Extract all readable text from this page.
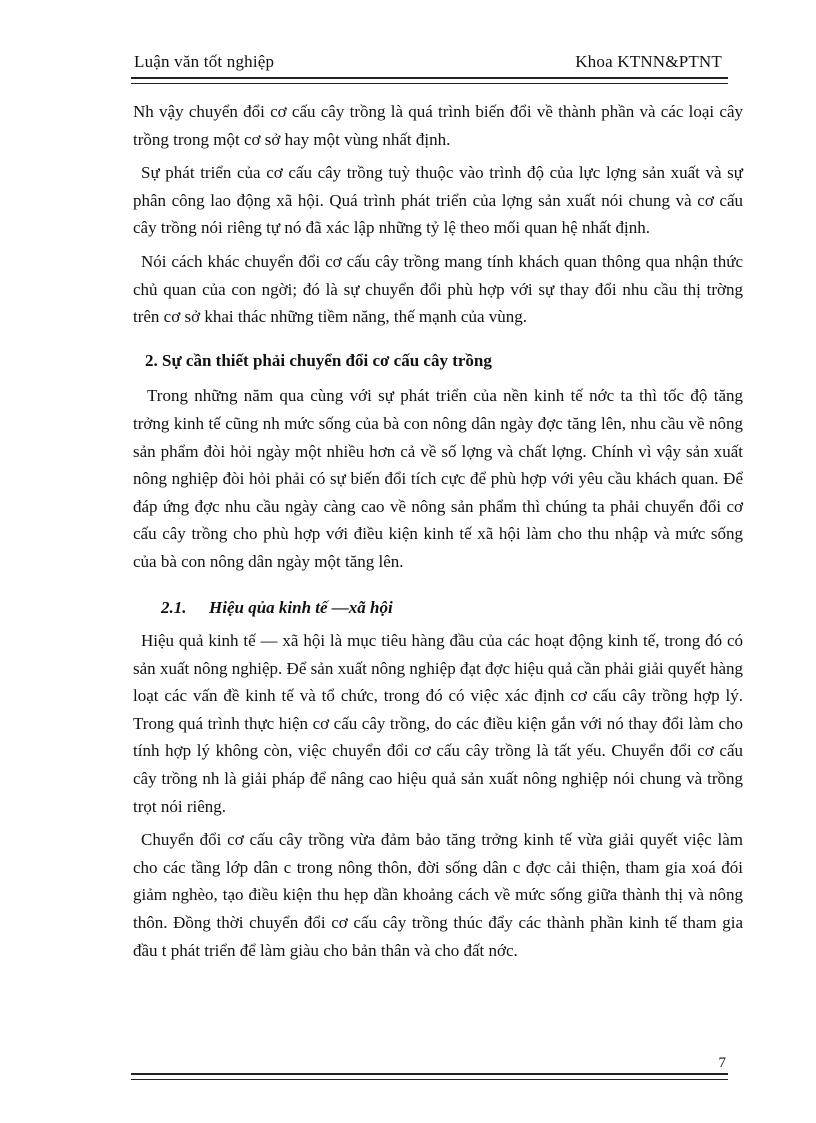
Luận văn tốt nghiệp	Khoa KTNN&PTNT

Nh vậy chuyển đổi cơ cấu cây trồng là quá trình biến đổi về thành phần và các loại cây trồng trong một cơ sở hay một vùng nhất định.

Sự phát triển của cơ cấu cây trồng tuỳ thuộc vào trình độ của lực lợng sản xuất và sự phân công lao động xã hội. Quá trình phát triển của lợng sản xuất nói chung và cơ cấu cây trồng nói riêng tự nó đã xác lập những tỷ lệ theo mối quan hệ nhất định.

Nói cách khác chuyển đổi cơ cấu cây trồng mang tính khách quan thông qua nhận thức chủ quan của con ngời; đó là sự chuyển đổi phù hợp với sự thay đổi nhu cầu thị trờng trên cơ sở khai thác những tiềm năng, thế mạnh của vùng.

2. Sự cần thiết phải chuyển đổi cơ cấu cây trồng

Trong những năm qua cùng với sự phát triển của nền kinh tế nớc ta thì tốc độ tăng trởng kinh tế cũng nh mức sống của bà con nông dân ngày đợc tăng lên, nhu cầu về nông sản phẩm đòi hỏi ngày một nhiều hơn cả về số lợng và chất lợng. Chính vì vậy sản xuất nông nghiệp đòi hỏi phải có sự biến đổi tích cực để phù hợp với yêu cầu khách quan. Để đáp ứng đợc nhu cầu ngày càng cao về nông sản phẩm thì chúng ta phải chuyển đổi cơ cấu cây trồng cho phù hợp với điều kiện kinh tế xã hội làm cho thu nhập và mức sống của bà con nông dân ngày một tăng lên.

2.1. Hiệu qủa kinh tế —xã hội

Hiệu quả kinh tế — xã hội là mục tiêu hàng đầu của các hoạt động kinh tế, trong đó có sản xuất nông nghiệp. Để sản xuất nông nghiệp đạt đợc hiệu quả cần phải giải quyết hàng loạt các vấn đề kinh tế và tổ chức, trong đó có việc xác định cơ cấu cây trồng hợp lý. Trong quá trình thực hiện cơ cấu cây trồng, do các điều kiện gắn với nó thay đổi làm cho tính hợp lý không còn, việc chuyển đổi cơ cấu cây trồng là tất yếu. Chuyển đổi cơ cấu cây trồng nh là giải pháp để nâng cao hiệu quả sản xuất nông nghiệp nói chung và trồng trọt nói riêng.

Chuyển đổi cơ cấu cây trồng vừa đảm bảo tăng trởng kinh tế vừa giải quyết việc làm cho các tầng lớp dân c trong nông thôn, đời sống dân c đợc cải thiện, tham gia xoá đói giảm nghèo, tạo điều kiện thu hẹp dần khoảng cách về mức sống giữa thành thị và nông thôn. Đồng thời chuyển đổi cơ cấu cây trồng thúc đẩy các thành phần kinh tế tham gia đầu t phát triển để làm giàu cho bản thân và cho đất nớc.

7
